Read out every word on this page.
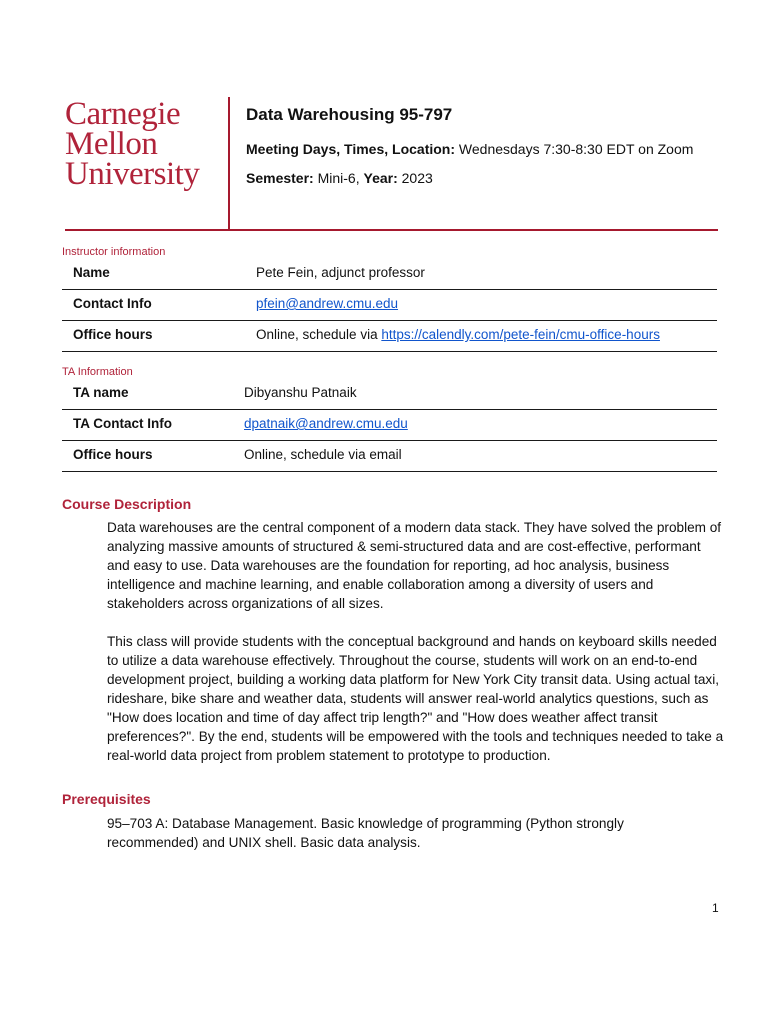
Carnegie
Mellon
University
Data Warehousing 95-797
Meeting Days, Times, Location: Wednesdays 7:30-8:30 EDT on Zoom
Semester: Mini-6, Year: 2023
Instructor information
Name	Pete Fein, adjunct professor
Contact Info	pfein@andrew.cmu.edu
Office hours	Online, schedule via https://calendly.com/pete-fein/cmu-office-hours
TA Information
TA name	Dibyanshu Patnaik
TA Contact Info	dpatnaik@andrew.cmu.edu
Office hours	Online, schedule via email
Course Description

Data warehouses are the central component of a modern data stack. They have solved the problem of analyzing massive amounts of structured & semi-structured data and are cost-effective, performant and easy to use. Data warehouses are the foundation for reporting, ad hoc analysis, business intelligence and machine learning, and enable collaboration among a diversity of users and stakeholders across organizations of all sizes.

This class will provide students with the conceptual background and hands on keyboard skills needed to utilize a data warehouse effectively. Throughout the course, students will work on an end-to-end development project, building a working data platform for New York City transit data. Using actual taxi, rideshare, bike share and weather data, students will answer real-world analytics questions, such as "How does location and time of day affect trip length?" and "How does weather affect transit preferences?". By the end, students will be empowered with the tools and techniques needed to take a real-world data project from problem statement to prototype to production.

Prerequisites

95–703 A: Database Management. Basic knowledge of programming (Python strongly recommended) and UNIX shell. Basic data analysis.

1
